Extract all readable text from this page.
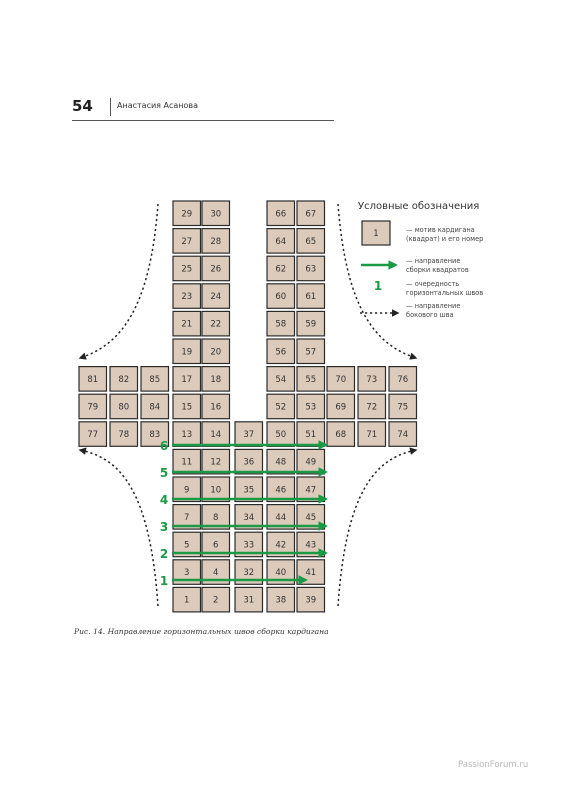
54	Анастасия Асанова
29
27
25
23
21
19
17
15
13
11
9
7
5
3
1
30
28
26
24
22
20
18
16
14
12
10
8
6
4
2
37
36
35
34
33
32
31
66
64
62
60
58
56
54
52
50
48
46
44
42
40
38
67
65
63
61
59
57
55
53
51
49
47
45
43
41
39
81 82 85
79 80 84
77 78 83
70 73 76
69 72 75
68 71 74
6
5
4
3
2
1
1
1
Условные обозначения
— мотив кардигана
(квадрат) и его номер
— направление
сборки квадратов
— очередность
горизонтальных швов
— направление
бокового шва
Рис. 14. Направление горизонтальных швов сборки кардигана
PassionForum.ru
